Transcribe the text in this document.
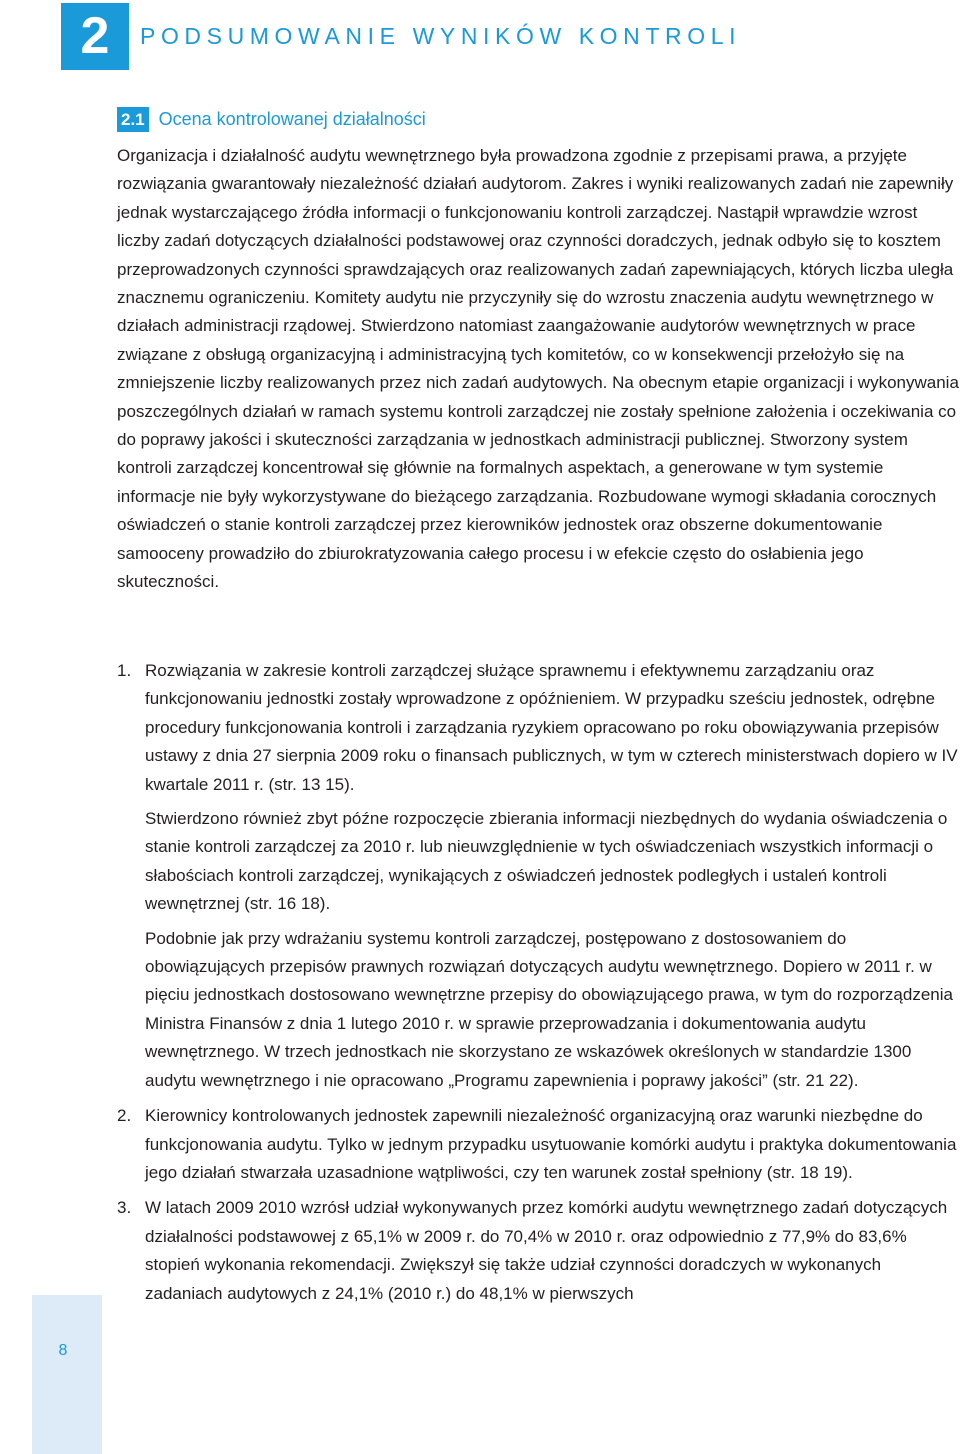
2	PODSUMOWANIE WYNIKÓW KONTROLI
2.1 Ocena kontrolowanej działalności

Organizacja i działalność audytu wewnętrznego była prowadzona zgodnie z przepisami prawa, a przyjęte rozwiązania gwarantowały niezależność działań audytorom. Zakres i wyniki realizowanych zadań nie zapewniły jednak wystarczającego źródła informacji o funkcjonowaniu kontroli zarządczej. Nastąpił wprawdzie wzrost liczby zadań dotyczących działalności podstawowej oraz czynności doradczych, jednak odbyło się to kosztem przeprowadzonych czynności sprawdzających oraz realizowanych zadań zapewniających, których liczba uległa znacznemu ograniczeniu. Komitety audytu nie przyczyniły się do wzrostu znaczenia audytu wewnętrznego w działach administracji rządowej. Stwierdzono natomiast zaangażowanie audytorów wewnętrznych w prace związane z obsługą organizacyjną i administracyjną tych komitetów, co w konsekwencji przełożyło się na zmniejszenie liczby realizowanych przez nich zadań audytowych. Na obecnym etapie organizacji i wykonywania poszczególnych działań w ramach systemu kontroli zarządczej nie zostały spełnione założenia i oczekiwania co do poprawy jakości i skuteczności zarządzania w jednostkach administracji publicznej. Stworzony system kontroli zarządczej koncentrował się głównie na formalnych aspektach, a generowane w tym systemie informacje nie były wykorzystywane do bieżącego zarządzania. Rozbudowane wymogi składania corocznych oświadczeń o stanie kontroli zarządczej przez kierowników jednostek oraz obszerne dokumentowanie samooceny prowadziło do zbiurokratyzowania całego procesu i w efekcie często do osłabienia jego skuteczności.

1. Rozwiązania w zakresie kontroli zarządczej służące sprawnemu i efektywnemu zarządzaniu oraz funkcjonowaniu jednostki zostały wprowadzone z opóźnieniem. W przypadku sześciu jednostek, odrębne procedury funkcjonowania kontroli i zarządzania ryzykiem opracowano po roku obowiązywania przepisów ustawy z dnia 27 sierpnia 2009 roku o finansach publicznych, w tym w czterech ministerstwach dopiero w IV kwartale 2011 r. (str. 13 15).

Stwierdzono również zbyt późne rozpoczęcie zbierania informacji niezbędnych do wydania oświadczenia o stanie kontroli zarządczej za 2010 r. lub nieuwzględnienie w tych oświadczeniach wszystkich informacji o słabościach kontroli zarządczej, wynikających z oświadczeń jednostek podległych i ustaleń kontroli wewnętrznej (str. 16 18).

Podobnie jak przy wdrażaniu systemu kontroli zarządczej, postępowano z dostosowaniem do obowiązujących przepisów prawnych rozwiązań dotyczących audytu wewnętrznego. Dopiero w 2011 r. w pięciu jednostkach dostosowano wewnętrzne przepisy do obowiązującego prawa, w tym do rozporządzenia Ministra Finansów z dnia 1 lutego 2010 r. w sprawie przeprowadzania i dokumentowania audytu wewnętrznego. W trzech jednostkach nie skorzystano ze wskazówek określonych w standardzie 1300 audytu wewnętrznego i nie opracowano „Programu zapewnienia i poprawy jakości” (str. 21 22).

2. Kierownicy kontrolowanych jednostek zapewnili niezależność organizacyjną oraz warunki niezbędne do funkcjonowania audytu. Tylko w jednym przypadku usytuowanie komórki audytu i praktyka dokumentowania jego działań stwarzała uzasadnione wątpliwości, czy ten warunek został spełniony (str. 18 19).

3. W latach 2009 2010 wzrósł udział wykonywanych przez komórki audytu wewnętrznego zadań dotyczących działalności podstawowej z 65,1% w 2009 r. do 70,4% w 2010 r. oraz odpowiednio z 77,9% do 83,6% stopień wykonania rekomendacji. Zwiększył się także udział czynności doradczych w wykonanych zadaniach audytowych z 24,1% (2010 r.) do 48,1% w pierwszych

8
